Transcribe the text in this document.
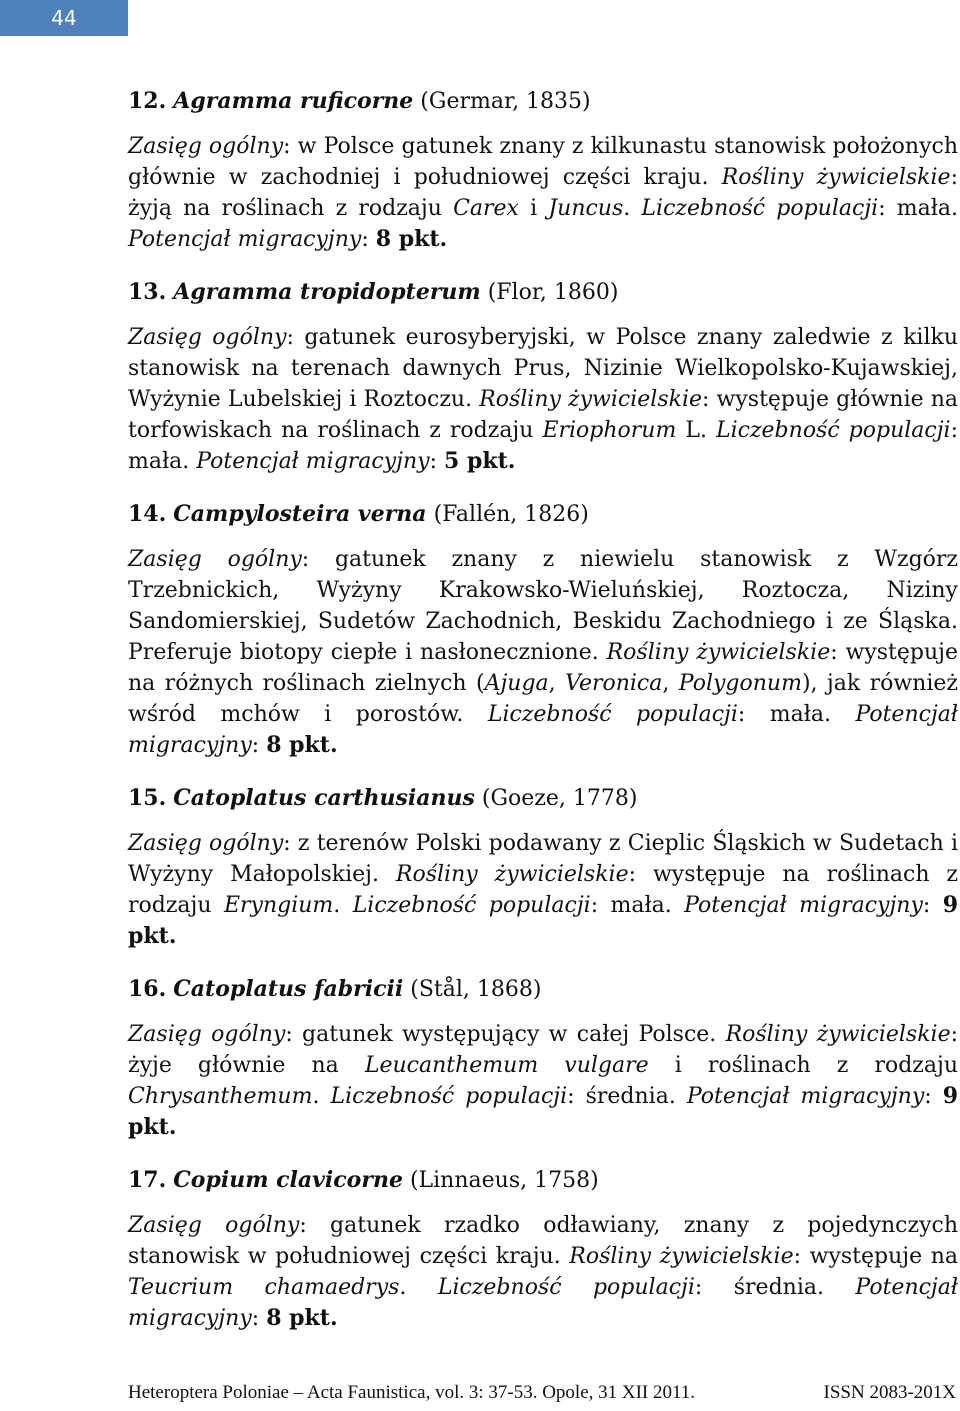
44
12. Agramma ruficorne (Germar, 1835)
Zasięg ogólny: w Polsce gatunek znany z kilkunastu stanowisk położonych głównie w zachodniej i południowej części kraju. Rośliny żywicielskie: żyją na roślinach z rodzaju Carex i Juncus. Liczebność populacji: mała. Potencjał migracyjny: 8 pkt.
13. Agramma tropidopterum (Flor, 1860)
Zasięg ogólny: gatunek eurosyberyjski, w Polsce znany zaledwie z kilku stanowisk na terenach dawnych Prus, Nizinie Wielkopolsko-Kujawskiej, Wyżynie Lubelskiej i Roztoczu. Rośliny żywicielskie: występuje głównie na torfowiskach na roślinach z rodzaju Eriophorum L. Liczebność populacji: mała. Potencjał migracyjny: 5 pkt.
14. Campylosteira verna (Fallén, 1826)
Zasięg ogólny: gatunek znany z niewielu stanowisk z Wzgórz Trzebnickich, Wyżyny Krakowsko-Wieluńskiej, Roztocza, Niziny Sandomierskiej, Sudetów Zachodnich, Beskidu Zachodniego i ze Śląska. Preferuje biotopy ciepłe i nasłonecznione. Rośliny żywicielskie: występuje na różnych roślinach zielnych (Ajuga, Veronica, Polygonum), jak również wśród mchów i porostów. Liczebność populacji: mała. Potencjał migracyjny: 8 pkt.
15. Catoplatus carthusianus (Goeze, 1778)
Zasięg ogólny: z terenów Polski podawany z Cieplic Śląskich w Sudetach i Wyżyny Małopolskiej. Rośliny żywicielskie: występuje na roślinach z rodzaju Eryngium. Liczebność populacji: mała. Potencjał migracyjny: 9 pkt.
16. Catoplatus fabricii (Stål, 1868)
Zasięg ogólny: gatunek występujący w całej Polsce. Rośliny żywicielskie: żyje głównie na Leucanthemum vulgare i roślinach z rodzaju Chrysanthemum. Liczebność populacji: średnia. Potencjał migracyjny: 9 pkt.
17. Copium clavicorne (Linnaeus, 1758)
Zasięg ogólny: gatunek rzadko odławiany, znany z pojedynczych stanowisk w południowej części kraju. Rośliny żywicielskie: występuje na Teucrium chamaedrys. Liczebność populacji: średnia. Potencjał migracyjny: 8 pkt.
Heteroptera Poloniae – Acta Faunistica, vol. 3: 37-53. Opole, 31 XII 2011.	ISSN 2083-201X
